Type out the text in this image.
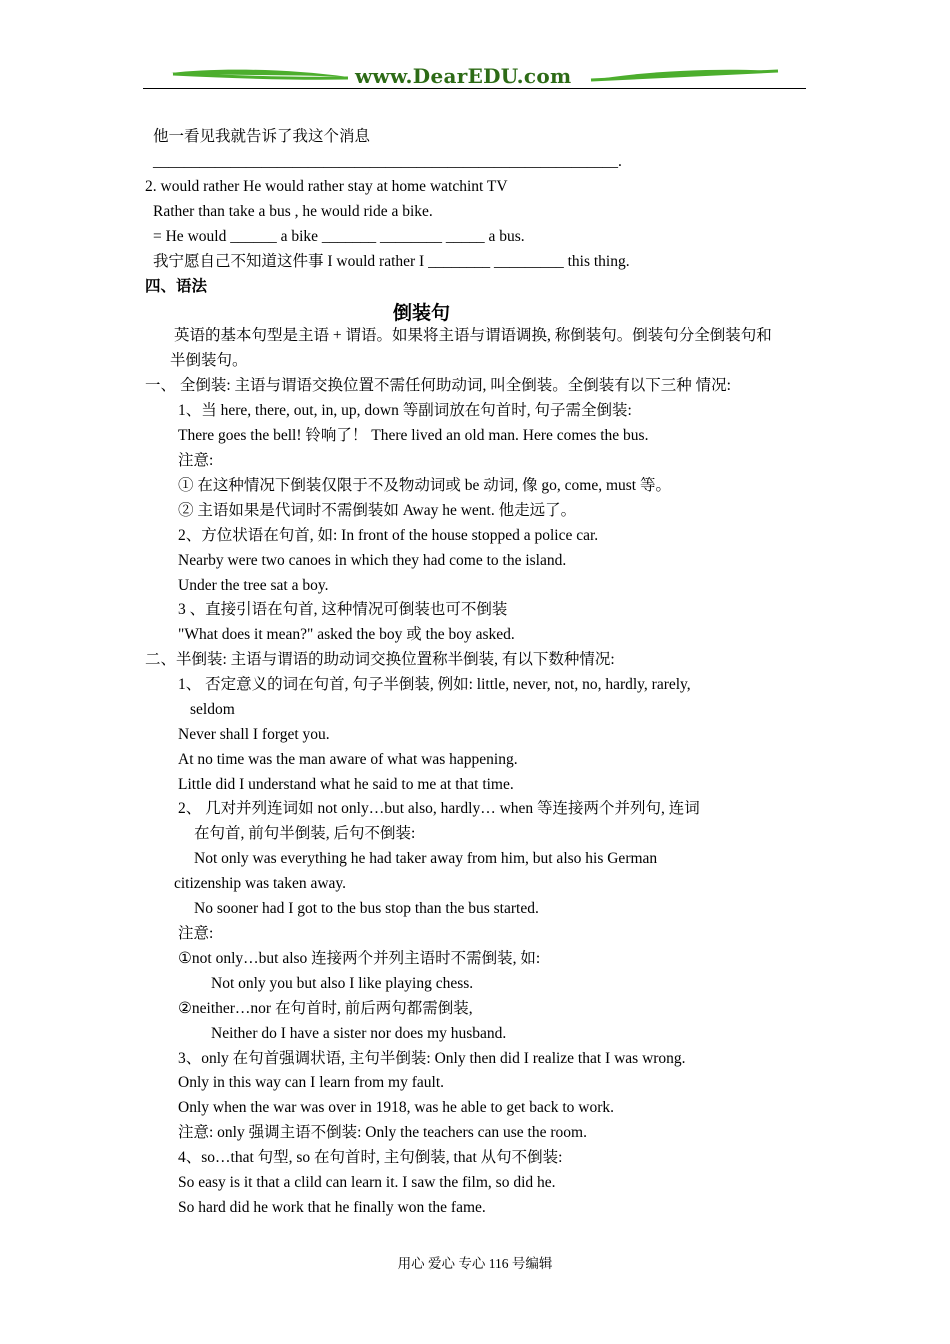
www.DearEDU.com
他一看见我就告诉了我这个消息
____________________________________________________________.
2. would rather He would rather stay at home watchint TV
Rather than take a bus , he would ride a bike.
= He would ______ a bike _______ ________ _____ a bus.
我宁愿自己不知道这件事 I would rather I ________ _________ this thing.
四、语法
倒装句
英语的基本句型是主语 + 谓语。如果将主语与谓语调换, 称倒装句。倒装句分全倒装句和
半倒装句。
一、 全倒装: 主语与谓语交换位置不需任何助动词, 叫全倒装。全倒装有以下三种 情况:
1、当 here, there, out, in, up, down 等副词放在句首时, 句子需全倒装:
There goes the bell! 铃响了！ There lived an old man. Here comes the bus.
注意:
① 在这种情况下倒装仅限于不及物动词或 be 动词, 像 go, come, must 等。
② 主语如果是代词时不需倒装如 Away he went. 他走远了。
2、方位状语在句首, 如: In front of the house stopped a police car.
Nearby were two canoes in which they had come to the island.
Under the tree sat a boy.
3 、直接引语在句首, 这种情况可倒装也可不倒装
"What does it mean?" asked the boy 或 the boy asked.
二、半倒装: 主语与谓语的助动词交换位置称半倒装, 有以下数种情况:
1、 否定意义的词在句首, 句子半倒装, 例如: little, never, not, no, hardly, rarely,
seldom
Never shall I forget you.
At no time was the man aware of what was happening.
Little did I understand what he said to me at that time.
2、 几对并列连词如 not only…but also, hardly… when 等连接两个并列句, 连词
在句首, 前句半倒装, 后句不倒装:
Not only was everything he had taker away from him, but also his German
citizenship was taken away.
No sooner had I got to the bus stop than the bus started.
注意:
①not only…but also 连接两个并列主语时不需倒装, 如:
Not only you but also I like playing chess.
②neither…nor 在句首时, 前后两句都需倒装,
Neither do I have a sister nor does my husband.
3、only 在句首强调状语, 主句半倒装: Only then did I realize that I was wrong.
Only in this way can I learn from my fault.
Only when the war was over in 1918, was he able to get back to work.
注意: only 强调主语不倒装: Only the teachers can use the room.
4、so…that 句型, so 在句首时, 主句倒装, that 从句不倒装:
So easy is it that a clild can learn it. I saw the film, so did he.
So hard did he work that he finally won the fame.
用心 爱心 专心 116 号编辑
